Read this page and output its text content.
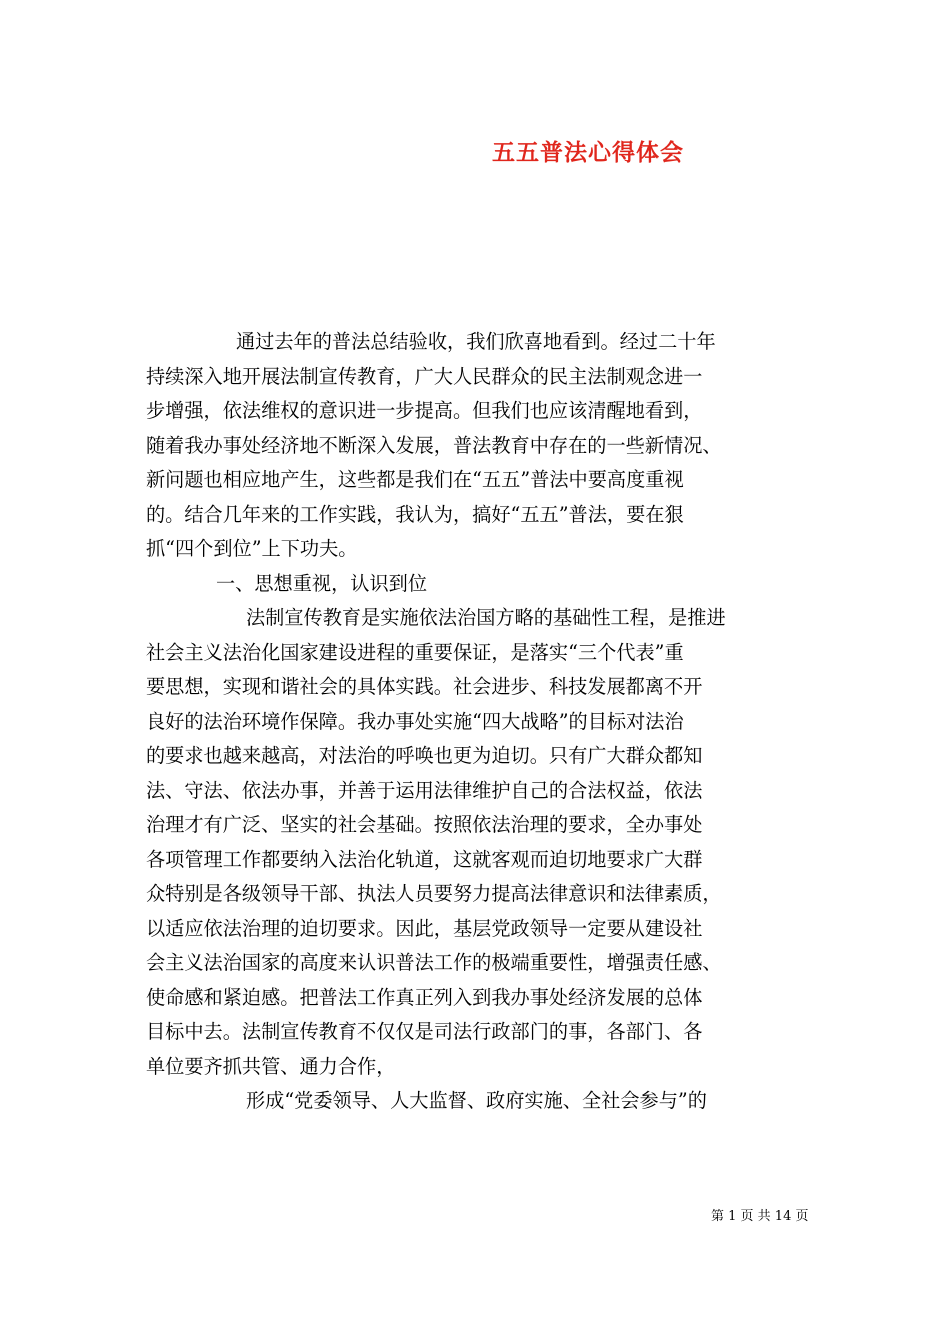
五五普法心得体会
通过去年的普法总结验收，我们欣喜地看到。经过二十年
持续深入地开展法制宣传教育，广大人民群众的民主法制观念进一
步增强，依法维权的意识进一步提高。但我们也应该清醒地看到，
随着我办事处经济地不断深入发展，普法教育中存在的一些新情况、
新问题也相应地产生，这些都是我们在“五五”普法中要高度重视
的。结合几年来的工作实践，我认为，搞好“五五”普法，要在狠
抓“四个到位”上下功夫。
一、思想重视，认识到位
法制宣传教育是实施依法治国方略的基础性工程，是推进
社会主义法治化国家建设进程的重要保证，是落实“三个代表”重
要思想，实现和谐社会的具体实践。社会进步、科技发展都离不开
良好的法治环境作保障。我办事处实施“四大战略”的目标对法治
的要求也越来越高，对法治的呼唤也更为迫切。只有广大群众都知
法、守法、依法办事，并善于运用法律维护自己的合法权益，依法
治理才有广泛、坚实的社会基础。按照依法治理的要求，全办事处
各项管理工作都要纳入法治化轨道，这就客观而迫切地要求广大群
众特别是各级领导干部、执法人员要努力提高法律意识和法律素质，
以适应依法治理的迫切要求。因此，基层党政领导一定要从建设社
会主义法治国家的高度来认识普法工作的极端重要性，增强责任感、
使命感和紧迫感。把普法工作真正列入到我办事处经济发展的总体
目标中去。法制宣传教育不仅仅是司法行政部门的事，各部门、各
单位要齐抓共管、通力合作，
形成“党委领导、人大监督、政府实施、全社会参与”的
第 1 页 共 14 页
